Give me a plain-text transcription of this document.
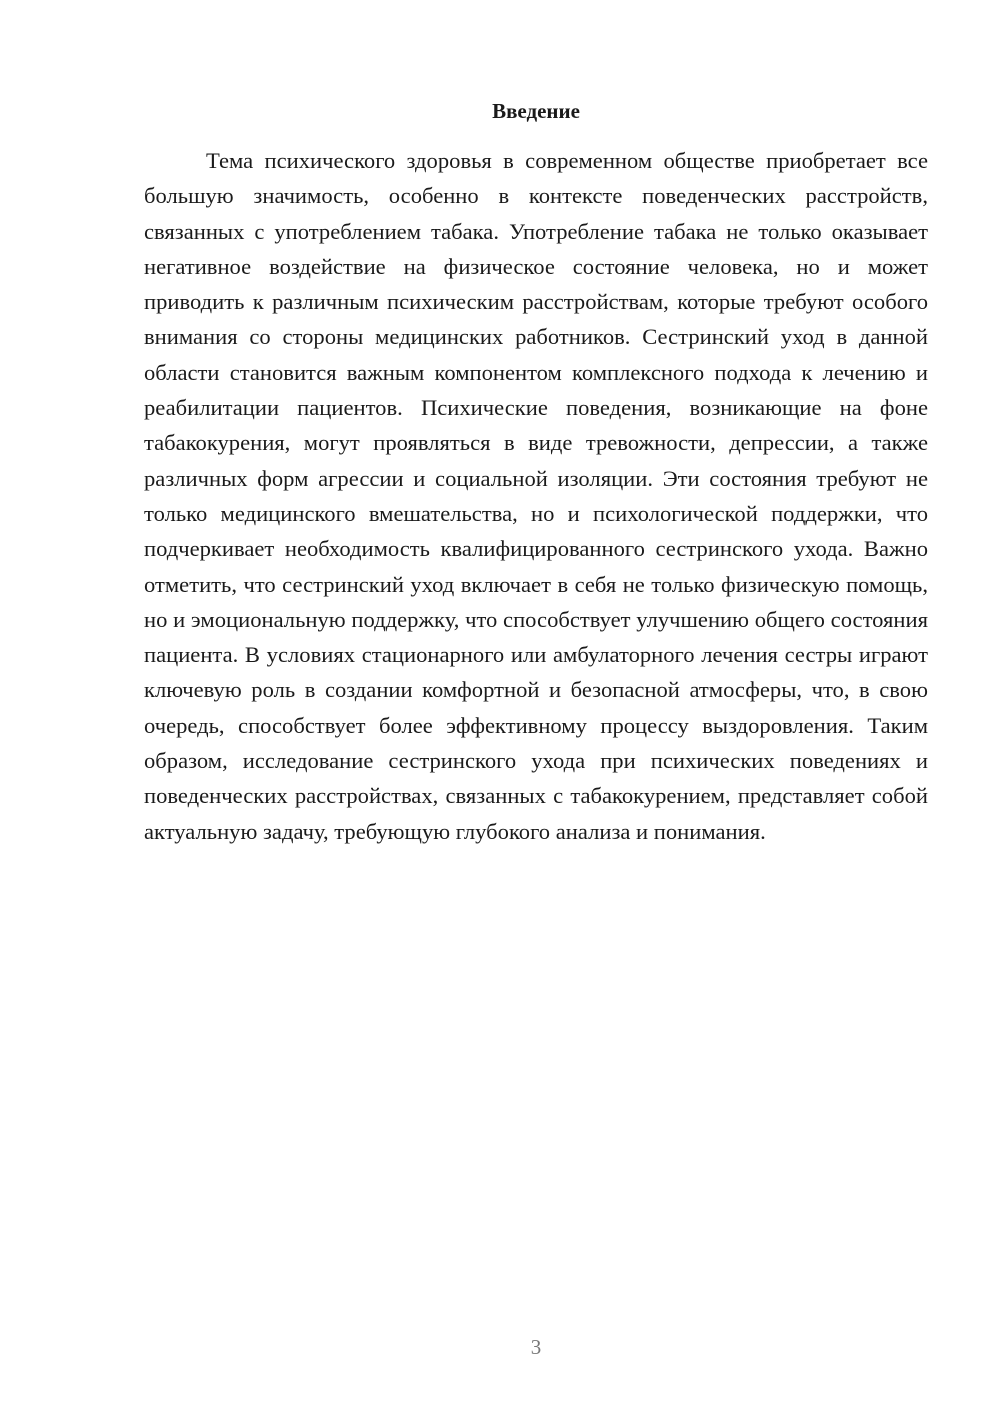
Введение

Тема психического здоровья в современном обществе приобретает все большую значимость, особенно в контексте поведенческих расстройств, связанных с употреблением табака. Употребление табака не только оказывает негативное воздействие на физическое состояние человека, но и может приводить к различным психическим расстройствам, которые требуют особого внимания со стороны медицинских работников. Сестринский уход в данной области становится важным компонентом комплексного подхода к лечению и реабилитации пациентов. Психические поведения, возникающие на фоне табакокурения, могут проявляться в виде тревожности, депрессии, а также различных форм агрессии и социальной изоляции. Эти состояния требуют не только медицинского вмешательства, но и психологической поддержки, что подчеркивает необходимость квалифицированного сестринского ухода. Важно отметить, что сестринский уход включает в себя не только физическую помощь, но и эмоциональную поддержку, что способствует улучшению общего состояния пациента. В условиях стационарного или амбулаторного лечения сестры играют ключевую роль в создании комфортной и безопасной атмосферы, что, в свою очередь, способствует более эффективному процессу выздоровления. Таким образом, исследование сестринского ухода при психических поведениях и поведенческих расстройствах, связанных с табакокурением, представляет собой актуальную задачу, требующую глубокого анализа и понимания.

3
